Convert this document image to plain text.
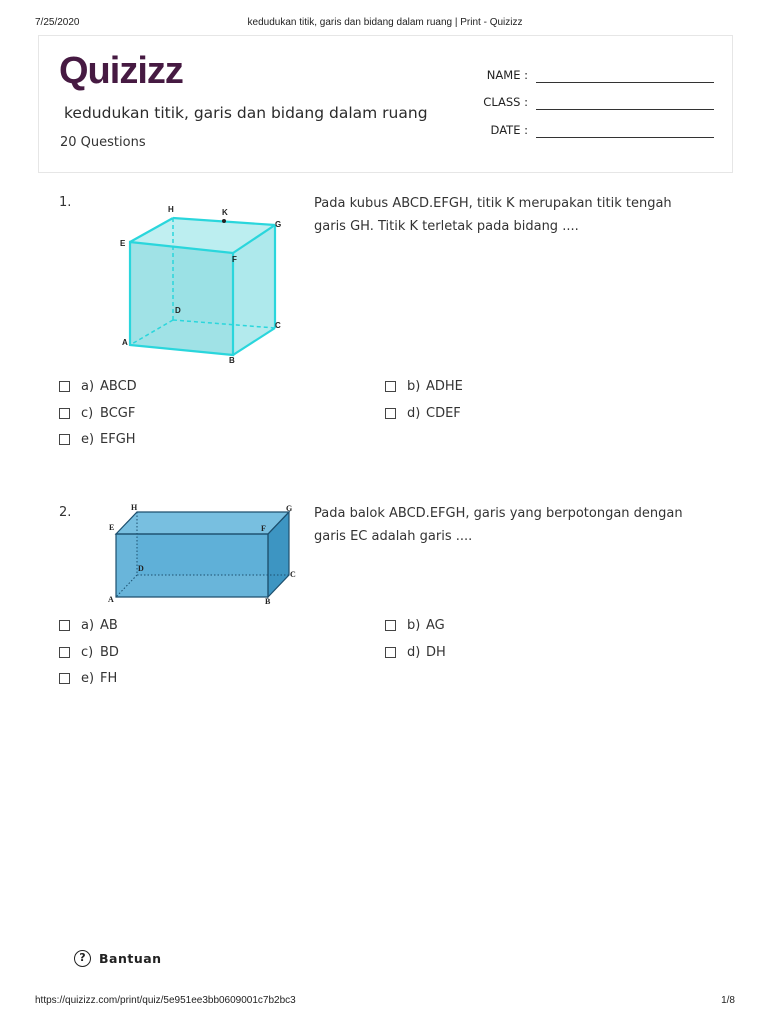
7/25/2020	kedudukan titik, garis dan bidang dalam ruang | Print - Quizizz
Quizizz
kedudukan titik, garis dan bidang dalam ruang
20 Questions
NAME :
CLASS :
DATE :
1.	H	K
G
E
F
D
C
A
B
Pada kubus ABCD.EFGH, titik K merupakan titik tengah garis GH. Titik K terletak pada bidang ....
a) ABCD	b) ADHE
c) BCGF	d) CDEF
e) EFGH
2.	H	G
E	F
D
C
A	B
Pada balok ABCD.EFGH, garis yang berpotongan dengan garis EC adalah garis ....
a) AB	b) AG
c) BD	d) DH
e) FH
?	Bantuan
https://quizizz.com/print/quiz/5e951ee3bb0609001c7b2bc3	1/8
